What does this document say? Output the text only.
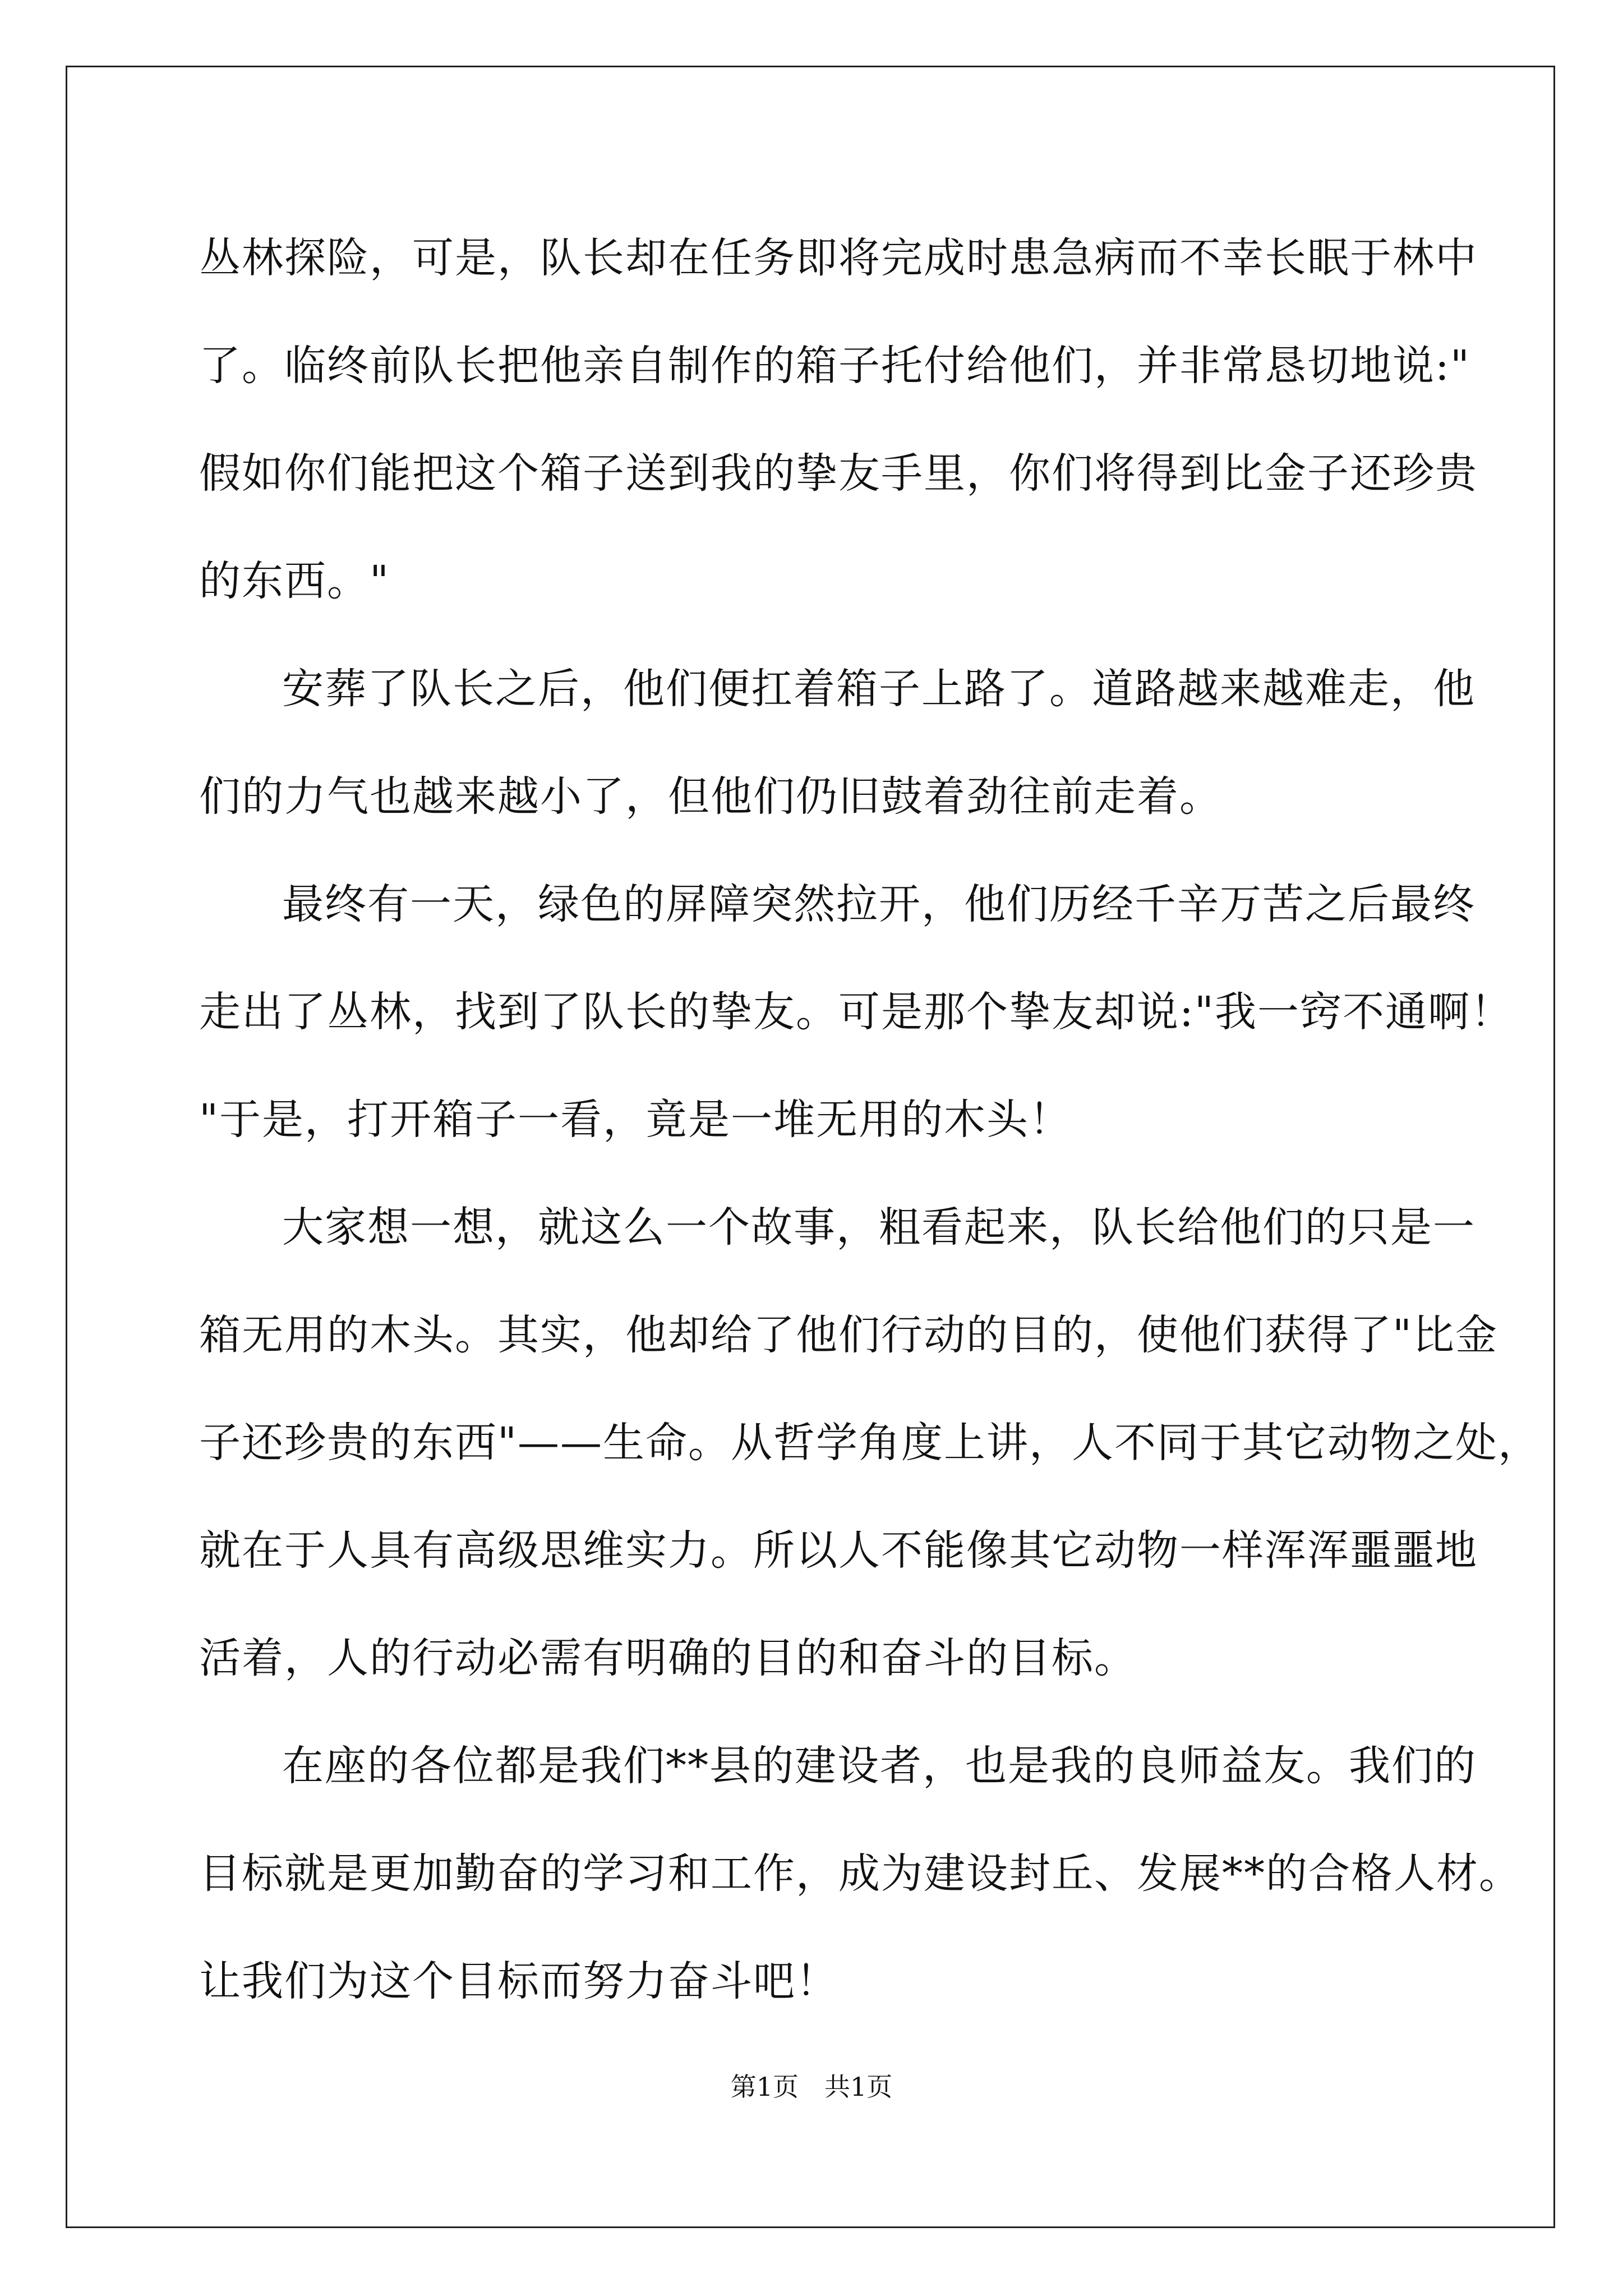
丛林探险，可是，队长却在任务即将完成时患急病而不幸长眠于林中
了。临终前队长把他亲自制作的箱子托付给他们，并非常恳切地说:"
假如你们能把这个箱子送到我的挚友手里，你们将得到比金子还珍贵
的东西。"
安葬了队长之后，他们便扛着箱子上路了。道路越来越难走，他
们的力气也越来越小了，但他们仍旧鼓着劲往前走着。
最终有一天，绿色的屏障突然拉开，他们历经千辛万苦之后最终
走出了丛林，找到了队长的挚友。可是那个挚友却说:"我一窍不通啊！
"于是，打开箱子一看，竟是一堆无用的木头！
大家想一想，就这么一个故事，粗看起来，队长给他们的只是一
箱无用的木头。其实，他却给了他们行动的目的，使他们获得了"比金
子还珍贵的东西"——生命。从哲学角度上讲，人不同于其它动物之处，
就在于人具有高级思维实力。所以人不能像其它动物一样浑浑噩噩地
活着，人的行动必需有明确的目的和奋斗的目标。
在座的各位都是我们**县的建设者，也是我的良师益友。我们的
目标就是更加勤奋的学习和工作，成为建设封丘、发展**的合格人材。
让我们为这个目标而努力奋斗吧！
第1页　共1页
